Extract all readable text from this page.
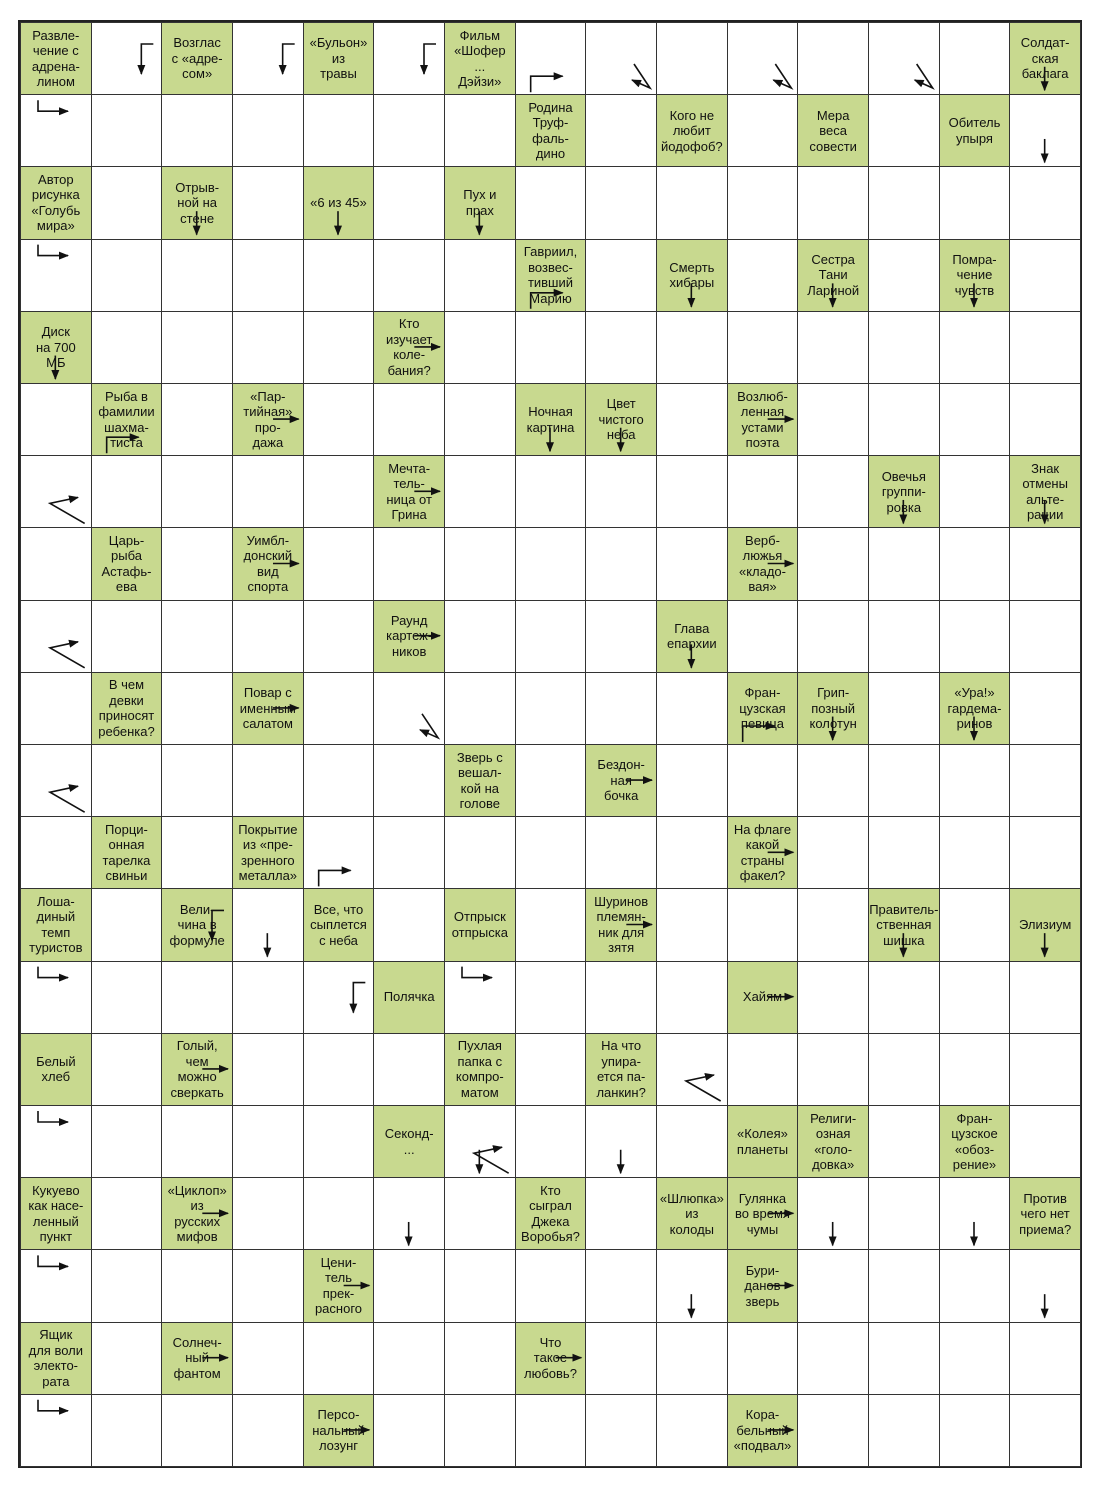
Развле-
чение с
адрена-
лином
Возглас
с «адре-
сом»
«Бульон»
из
травы
Фильм
«Шофер
...
Дэйзи»
Солдат-
ская
баклага
Родина
Труф-
фаль-
дино
Кого не
любит
йодофоб?
Мера
веса
совести
Обитель
упыря
Автор
рисунка
«Голубь
мира»
Отрыв-
ной на
стене
«6 из 45»
Пух и
прах
Гавриил,
возвес-
тивший
Марию
Смерть
хибары
Сестра
Тани
Лариной
Помра-
чение
чувств
Диск
на 700
МБ
Кто
изучает
коле-
бания?
Рыба в
фамилии
шахма-
тиста
«Пар-
тийная»
про-
дажа
Ночная
картина
Цвет
чистого
неба
Возлюб-
ленная
устами
поэта
Мечта-
тель-
ница от
Грина
Овечья
группи-
ровка
Знак
отмены
альте-
рации
Царь-
рыба
Астафь-
ева
Уимбл-
донский
вид
спорта
Верб-
люжья
«кладо-
вая»
Раунд
картеж-
ников
Глава
епархии
В чем
девки
приносят
ребенка?
Повар с
именным
салатом
Фран-
цузская
певица
Грип-
позный
колотун
«Ура!»
гардема-
ринов
Зверь с
вешал-
кой на
голове
Бездон-
ная
бочка
Порци-
онная
тарелка
свиньи
Покрытие
из «пре-
зренного
металла»
На флаге
какой
страны
факел?
Лоша-
диный
темп
туристов
Вели-
чина в
формуле
Все, что
сыплется
с неба
Отпрыск
отпрыска
Шуринов
племян-
ник для
зятя
Правитель-
ственная
шишка
Элизиум
Полячка	Хайям
Белый
хлеб
Голый,
чем
можно
сверкать
Пухлая
папка с
компро-
матом
На что
упира-
ется па-
ланкин?
Секонд-
...
«Колея»
планеты
Религи-
озная
«голо-
довка»
Фран-
цузское
«обоз-
рение»
Кукуево
как насе-
ленный
пункт
«Циклоп»
из
русских
мифов
Кто
сыграл
Джека
Воробья?
«Шлюпка»
из
колоды
Гулянка
во время
чумы
Против
чего нет
приема?
Цени-
тель
прек-
расного
Бури-
данов
зверь
Ящик
для воли
электо-
рата
Солнеч-
ный
фантом
Что
такое
любовь?
Персо-
нальный
лозунг
Кора-
бельный
«подвал»
